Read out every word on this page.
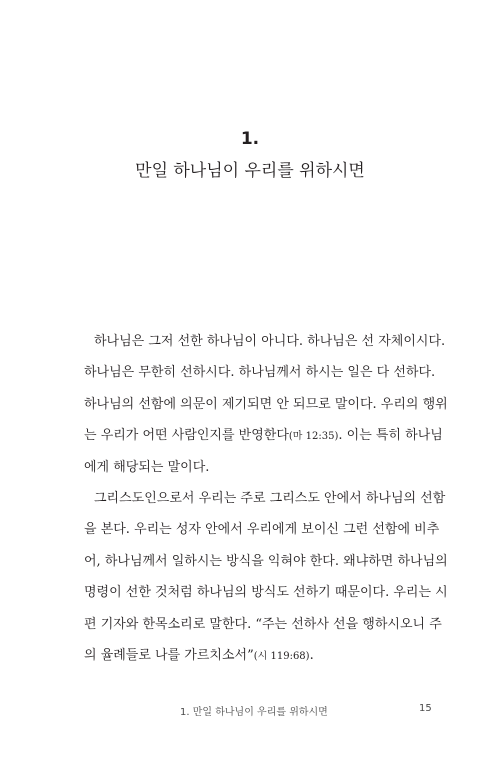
1.
만일 하나님이 우리를 위하시면
하나님은 그저 선한 하나님이 아니다. 하나님은 선 자체이시다.
하나님은 무한히 선하시다. 하나님께서 하시는 일은 다 선하다.
하나님의 선함에 의문이 제기되면 안 되므로 말이다. 우리의 행위
는 우리가 어떤 사람인지를 반영한다(마 12:35). 이는 특히 하나님
에게 해당되는 말이다.
그리스도인으로서 우리는 주로 그리스도 안에서 하나님의 선함
을 본다. 우리는 성자 안에서 우리에게 보이신 그런 선함에 비추
어, 하나님께서 일하시는 방식을 익혀야 한다. 왜냐하면 하나님의
명령이 선한 것처럼 하나님의 방식도 선하기 때문이다. 우리는 시
편 기자와 한목소리로 말한다. “주는 선하사 선을 행하시오니 주
의 율례들로 나를 가르치소서”(시 119:68).
1. 만일 하나님이 우리를 위하시면	15
